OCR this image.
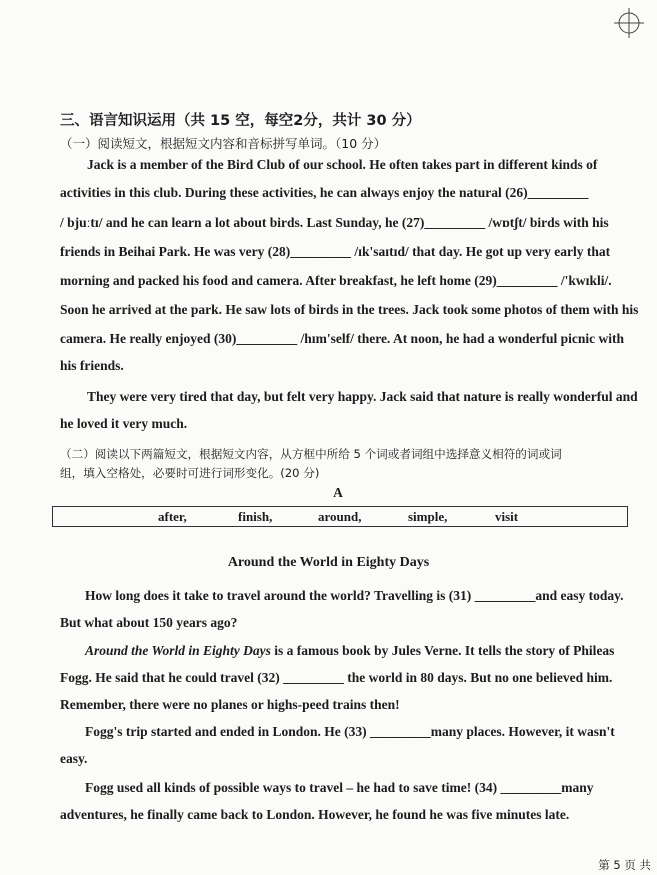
三、语言知识运用（共 15 空，每空2分，共计 30 分）
（一）阅读短文，根据短文内容和音标拼写单词。（10 分）
Jack is a member of the Bird Club of our school. He often takes part in different kinds of
activities in this club. During these activities, he can always enjoy the natural (26)_________
/ bjuːtɪ/ and he can learn a lot about birds. Last Sunday, he (27)_________ /wɒtʃt/ birds with his
friends in Beihai Park. He was very (28)_________ /ɪk'saɪtɪd/ that day. He got up very early that
morning and packed his food and camera. After breakfast, he left home (29)_________ /'kwɪkli/.
Soon he arrived at the park. He saw lots of birds in the trees. Jack took some photos of them with his
camera. He really enjoyed (30)_________ /hɪm'self/ there. At noon, he had a wonderful picnic with
his friends.
They were very tired that day, but felt very happy. Jack said that nature is really wonderful and
he loved it very much.
（二）阅读以下两篇短文，根据短文内容，从方框中所给 5 个词或者词组中选择意义相符的词或词
组，填入空格处，必要时可进行词形变化。(20 分)
A
after,	finish,	around,	simple,	visit
Around the World in Eighty Days
How long does it take to travel around the world? Travelling is (31) _________and easy today.
But what about 150 years ago?
Around the World in Eighty Days is a famous book by Jules Verne. It tells the story of Phileas
Fogg. He said that he could travel (32) _________ the world in 80 days. But no one believed him.
Remember, there were no planes or highs-peed trains then!
Fogg's trip started and ended in London. He (33) _________many places. However, it wasn't
easy.
Fogg used all kinds of possible ways to travel – he had to save time! (34) _________many
adventures, he finally came back to London. However, he found he was five minutes late.
第 5 页 共
